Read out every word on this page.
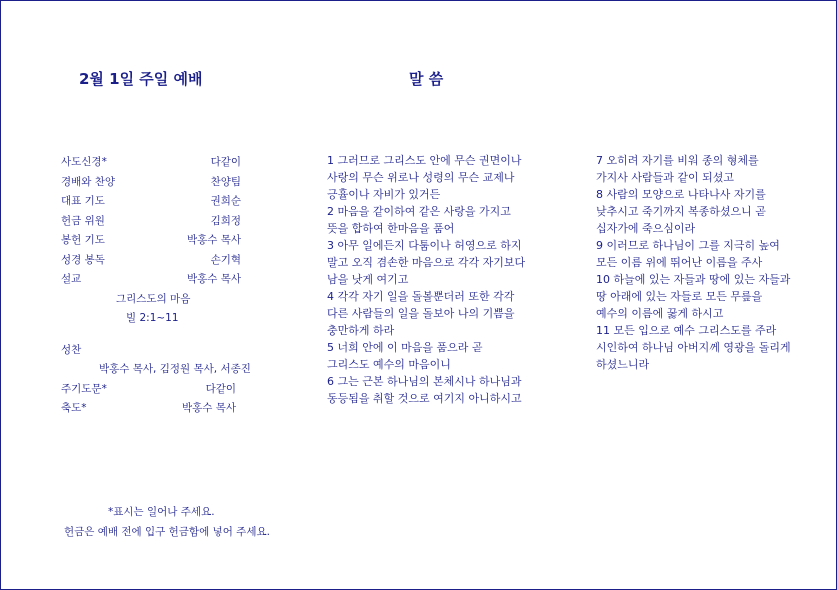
2월 1일 주일 예배	말 씀
사도신경*	다같이
경배와 찬양	찬양팀
대표 기도	권희순
헌금 위원	김희정
봉헌 기도	박홍수 목사
성경 봉독	손기혁
설교	박홍수 목사
그리스도의 마음
빌 2:1~11
성찬
박홍수 목사, 김정원 목사, 서종진
주기도문*	다같이
축도*	박홍수 목사
*표시는 일어나 주세요.
헌금은 예배 전에 입구 헌금함에 넣어 주세요.
1 그러므로 그리스도 안에 무슨 권면이나
사랑의 무슨 위로나 성령의 무슨 교제나
긍휼이나 자비가 있거든
2 마음을 같이하여 같은 사랑을 가지고
뜻을 합하여 한마음을 품어
3 아무 일에든지 다툼이나 허영으로 하지
말고 오직 겸손한 마음으로 각각 자기보다
남을 낫게 여기고
4 각각 자기 일을 돌볼뿐더러 또한 각각
다른 사람들의 일을 돌보아 나의 기쁨을
충만하게 하라
5 너희 안에 이 마음을 품으라 곧
그리스도 예수의 마음이니
6 그는 근본 하나님의 본체시나 하나님과
동등됨을 취할 것으로 여기지 아니하시고
7 오히려 자기를 비워 종의 형체를
가지사 사람들과 같이 되셨고
8 사람의 모양으로 나타나사 자기를
낮추시고 죽기까지 복종하셨으니 곧
십자가에 죽으심이라
9 이러므로 하나님이 그를 지극히 높여
모든 이름 위에 뛰어난 이름을 주사
10 하늘에 있는 자들과 땅에 있는 자들과
땅 아래에 있는 자들로 모든 무릎을
예수의 이름에 꿇게 하시고
11 모든 입으로 예수 그리스도를 주라
시인하여 하나님 아버지께 영광을 돌리게
하셨느니라
